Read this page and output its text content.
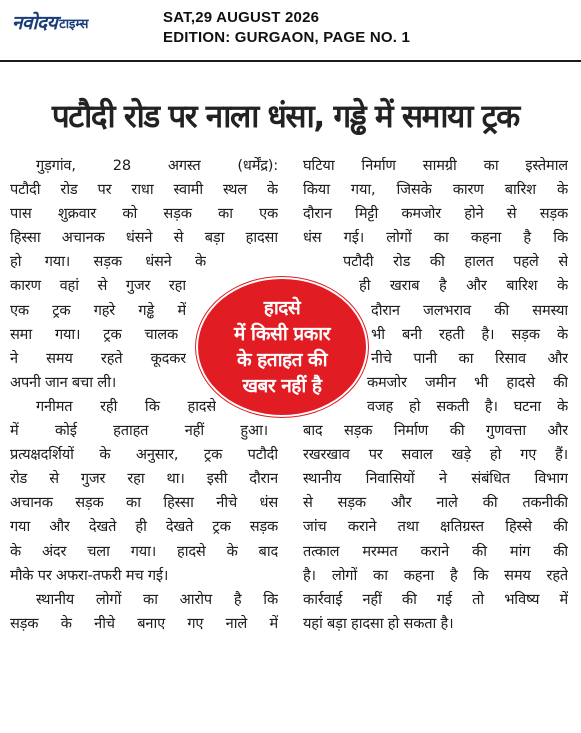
नवोदय टाइम्स	SAT,29 AUGUST 2026
EDITION: GURGAON, PAGE NO. 1
पटौदी रोड पर नाला धंसा, गड्ढे में समाया ट्रक
गुड़गांव, 28 अगस्त (धर्मेंद्र):
पटौदी रोड पर राधा स्वामी स्थल के
पास शुक्रवार को सड़क का एक
हिस्सा अचानक धंसने से बड़ा हादसा
हो गया। सड़क धंसने के
कारण वहां से गुजर रहा
एक ट्रक गहरे गड्ढे में
समा गया। ट्रक चालक
ने समय रहते कूदकर
अपनी जान बचा ली।
गनीमत रही कि हादसे
में कोई हताहत नहीं हुआ।
प्रत्यक्षदर्शियों के अनुसार, ट्रक पटौदी
रोड से गुजर रहा था। इसी दौरान
अचानक सड़क का हिस्सा नीचे धंस
गया और देखते ही देखते ट्रक सड़क
के अंदर चला गया। हादसे के बाद
मौके पर अफरा-तफरी मच गई।
स्थानीय लोगों का आरोप है कि
सड़क के नीचे बनाए गए नाले में
घटिया निर्माण सामग्री का इस्तेमाल
किया गया, जिसके कारण बारिश के
दौरान मिट्टी कमजोर होने से सड़क
धंस गई। लोगों का कहना है कि
पटौदी रोड की हालत पहले से
ही खराब है और बारिश के
दौरान जलभराव की समस्या
भी बनी रहती है। सड़क के
नीचे पानी का रिसाव और
कमजोर जमीन भी हादसे की
वजह हो सकती है। घटना के
बाद सड़क निर्माण की गुणवत्ता और
रखरखाव पर सवाल खड़े हो गए हैं।
स्थानीय निवासियों ने संबंधित विभाग
से सड़क और नाले की तकनीकी
जांच कराने तथा क्षतिग्रस्त हिस्से की
तत्काल मरम्मत कराने की मांग की
है। लोगों का कहना है कि समय रहते
कार्रवाई नहीं की गई तो भविष्य में
यहां बड़ा हादसा हो सकता है।
हादसे
में किसी प्रकार
के हताहत की
खबर नहीं है
